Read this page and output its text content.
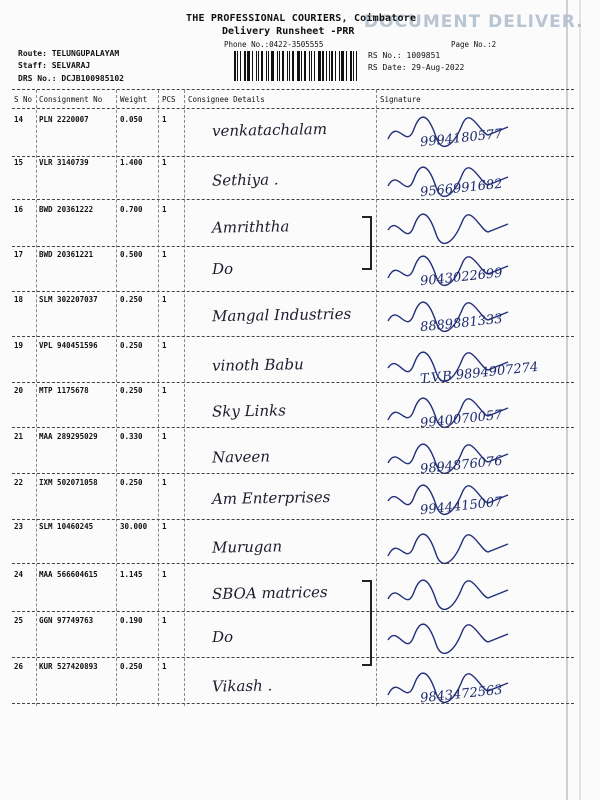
DOCUMENT DELIVER.
THE PROFESSIONAL COURIERS, Coimbatore
Delivery Runsheet -PRR
Phone No.:0422-3505555	Page No.:2
Route: TELUNGUPALAYAM
Staff: SELVARAJ
DRS No.: DCJB100985102
RS No.: 1009851
RS Date: 29-Aug-2022
S No Consignment No Weight PCS Consignee Details	Signature
14 PLN 2220007	0.050	1
venkatachalam	9994180577
15 VLR 3140739	1.400	1
Sethiya .	9566991682
16 BWD 20361222	0.700	1
Amriththa
17 BWD 20361221	0.500	1
Do	9043022699
18 SLM 302207037	0.250	1
Mangal Industries	8889881333
19 VPL 940451596	0.250	1
vinoth Babu	T.V.B 9894907274
20 MTP 1175678	0.250	1
Sky Links	9940070057
21 MAA 289295029	0.330	1
Naveen	9894876076
22 IXM 502071058	0.250	1
Am Enterprises	9944415007
23 SLM 10460245	30.000 1
Murugan
24 MAA 566604615	1.145	1
SBOA matrices
25 GGN 97749763	0.190	1
Do
26 KUR 527420893	0.250	1
Vikash .	9843472563
